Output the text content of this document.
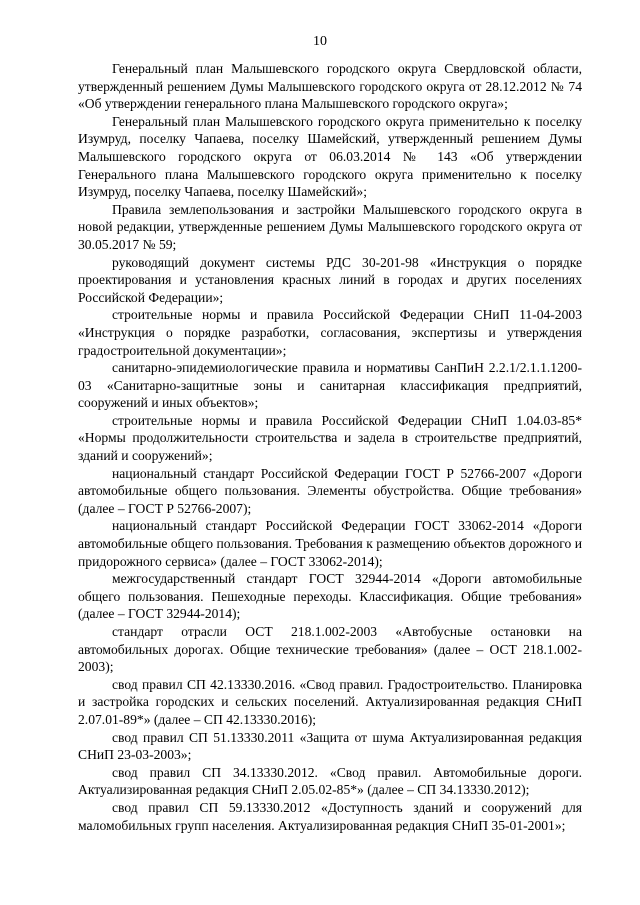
10

Генеральный план Малышевского городского округа Свердловской области, утвержденный решением Думы Малышевского городского округа от 28.12.2012 № 74 «Об утверждении генерального плана Малышевского городского округа»;

Генеральный план Малышевского городского округа применительно к поселку Изумруд, поселку Чапаева, поселку Шамейский, утвержденный решением Думы Малышевского городского округа от 06.03.2014 № 143 «Об утверждении Генерального плана Малышевского городского округа применительно к поселку Изумруд, поселку Чапаева, поселку Шамейский»;

Правила землепользования и застройки Малышевского городского округа в новой редакции, утвержденные решением Думы Малышевского городского округа от 30.05.2017 № 59;

руководящий документ системы РДС 30-201-98 «Инструкция о порядке проектирования и установления красных линий в городах и других поселениях Российской Федерации»;

строительные нормы и правила Российской Федерации СНиП 11-04-2003 «Инструкция о порядке разработки, согласования, экспертизы и утверждения градостроительной документации»;

санитарно-эпидемиологические правила и нормативы СанПиН 2.2.1/2.1.1.1200-03 «Санитарно-защитные зоны и санитарная классификация предприятий, сооружений и иных объектов»;

строительные нормы и правила Российской Федерации СНиП 1.04.03-85* «Нормы продолжительности строительства и задела в строительстве предприятий, зданий и сооружений»;

национальный стандарт Российской Федерации ГОСТ Р 52766-2007 «Дороги автомобильные общего пользования. Элементы обустройства. Общие требования» (далее – ГОСТ Р 52766-2007);

национальный стандарт Российской Федерации ГОСТ 33062-2014 «Дороги автомобильные общего пользования. Требования к размещению объектов дорожного и придорожного сервиса» (далее – ГОСТ 33062-2014);

межгосударственный стандарт ГОСТ 32944-2014 «Дороги автомобильные общего пользования. Пешеходные переходы. Классификация. Общие требования» (далее – ГОСТ 32944-2014);

стандарт отрасли ОСТ 218.1.002-2003 «Автобусные остановки на автомобильных дорогах. Общие технические требования» (далее – ОСТ 218.1.002-2003);

свод правил СП 42.13330.2016. «Свод правил. Градостроительство. Планировка и застройка городских и сельских поселений. Актуализированная редакция СНиП 2.07.01-89*» (далее – СП 42.13330.2016);

свод правил СП 51.13330.2011 «Защита от шума Актуализированная редакция СНиП 23-03-2003»;

свод правил СП 34.13330.2012. «Свод правил. Автомобильные дороги. Актуализированная редакция СНиП 2.05.02-85*» (далее – СП 34.13330.2012);

свод правил СП 59.13330.2012 «Доступность зданий и сооружений для маломобильных групп населения. Актуализированная редакция СНиП 35-01-2001»;
